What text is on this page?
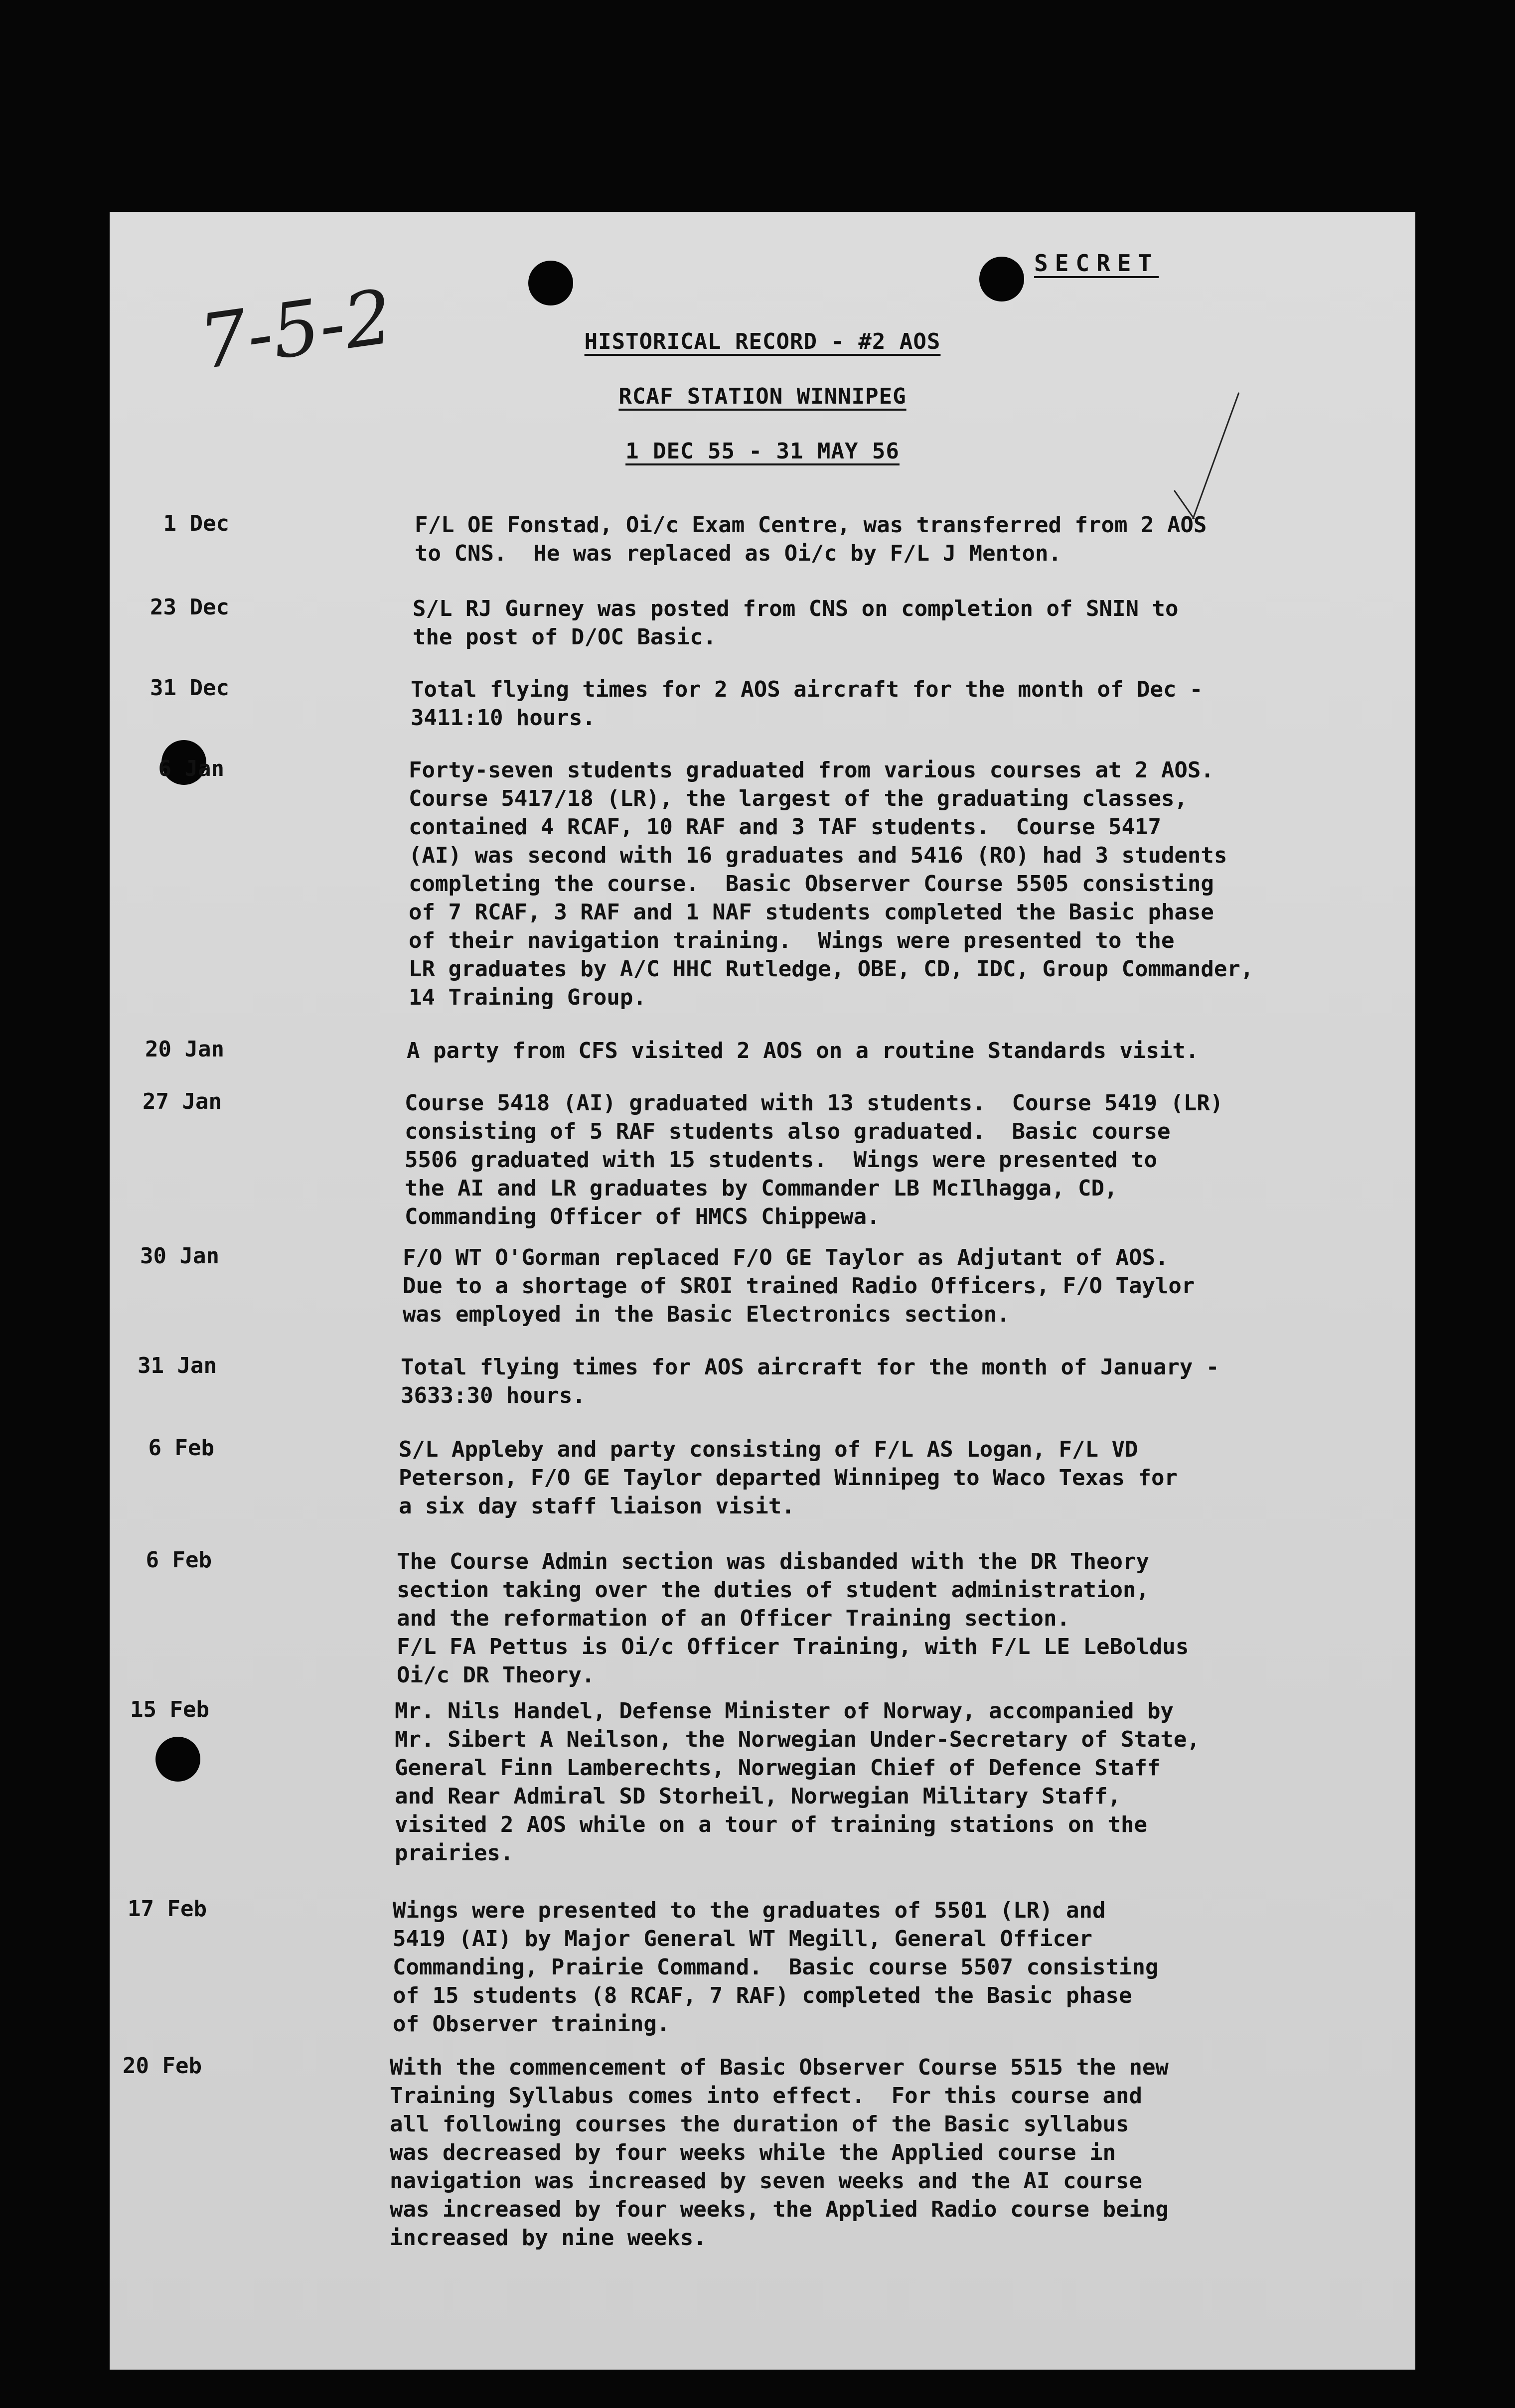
7-5-2
SECRET
HISTORICAL RECORD - #2 AOS
RCAF STATION WINNIPEG
1 DEC 55 - 31 MAY 56
1 Dec	F/L OE Fonstad, Oi/c Exam Centre, was transferred from 2 AOS
to CNS.  He was replaced as Oi/c by F/L J Menton.
23 Dec	S/L RJ Gurney was posted from CNS on completion of SNIN to
the post of D/OC Basic.
31 Dec	Total flying times for 2 AOS aircraft for the month of Dec -
3411:10 hours.
6 Jan	Forty-seven students graduated from various courses at 2 AOS.
Course 5417/18 (LR), the largest of the graduating classes,
contained 4 RCAF, 10 RAF and 3 TAF students.  Course 5417
(AI) was second with 16 graduates and 5416 (RO) had 3 students
completing the course.  Basic Observer Course 5505 consisting
of 7 RCAF, 3 RAF and 1 NAF students completed the Basic phase
of their navigation training.  Wings were presented to the
LR graduates by A/C HHC Rutledge, OBE, CD, IDC, Group Commander,
14 Training Group.
20 Jan	A party from CFS visited 2 AOS on a routine Standards visit.
27 Jan	Course 5418 (AI) graduated with 13 students.  Course 5419 (LR)
consisting of 5 RAF students also graduated.  Basic course
5506 graduated with 15 students.  Wings were presented to
the AI and LR graduates by Commander LB McIlhagga, CD,
Commanding Officer of HMCS Chippewa.
30 Jan	F/O WT O'Gorman replaced F/O GE Taylor as Adjutant of AOS.
Due to a shortage of SROI trained Radio Officers, F/O Taylor
was employed in the Basic Electronics section.
31 Jan	Total flying times for AOS aircraft for the month of January -
3633:30 hours.
6 Feb	S/L Appleby and party consisting of F/L AS Logan, F/L VD
Peterson, F/O GE Taylor departed Winnipeg to Waco Texas for
a six day staff liaison visit.
6 Feb	The Course Admin section was disbanded with the DR Theory
section taking over the duties of student administration,
and the reformation of an Officer Training section.
F/L FA Pettus is Oi/c Officer Training, with F/L LE LeBoldus
Oi/c DR Theory.
15 Feb	Mr. Nils Handel, Defense Minister of Norway, accompanied by
Mr. Sibert A Neilson, the Norwegian Under-Secretary of State,
General Finn Lamberechts, Norwegian Chief of Defence Staff
and Rear Admiral SD Storheil, Norwegian Military Staff,
visited 2 AOS while on a tour of training stations on the
prairies.
17 Feb	Wings were presented to the graduates of 5501 (LR) and
5419 (AI) by Major General WT Megill, General Officer
Commanding, Prairie Command.  Basic course 5507 consisting
of 15 students (8 RCAF, 7 RAF) completed the Basic phase
of Observer training.
20 Feb	With the commencement of Basic Observer Course 5515 the new
Training Syllabus comes into effect.  For this course and
all following courses the duration of the Basic syllabus
was decreased by four weeks while the Applied course in
navigation was increased by seven weeks and the AI course
was increased by four weeks, the Applied Radio course being
increased by nine weeks.
